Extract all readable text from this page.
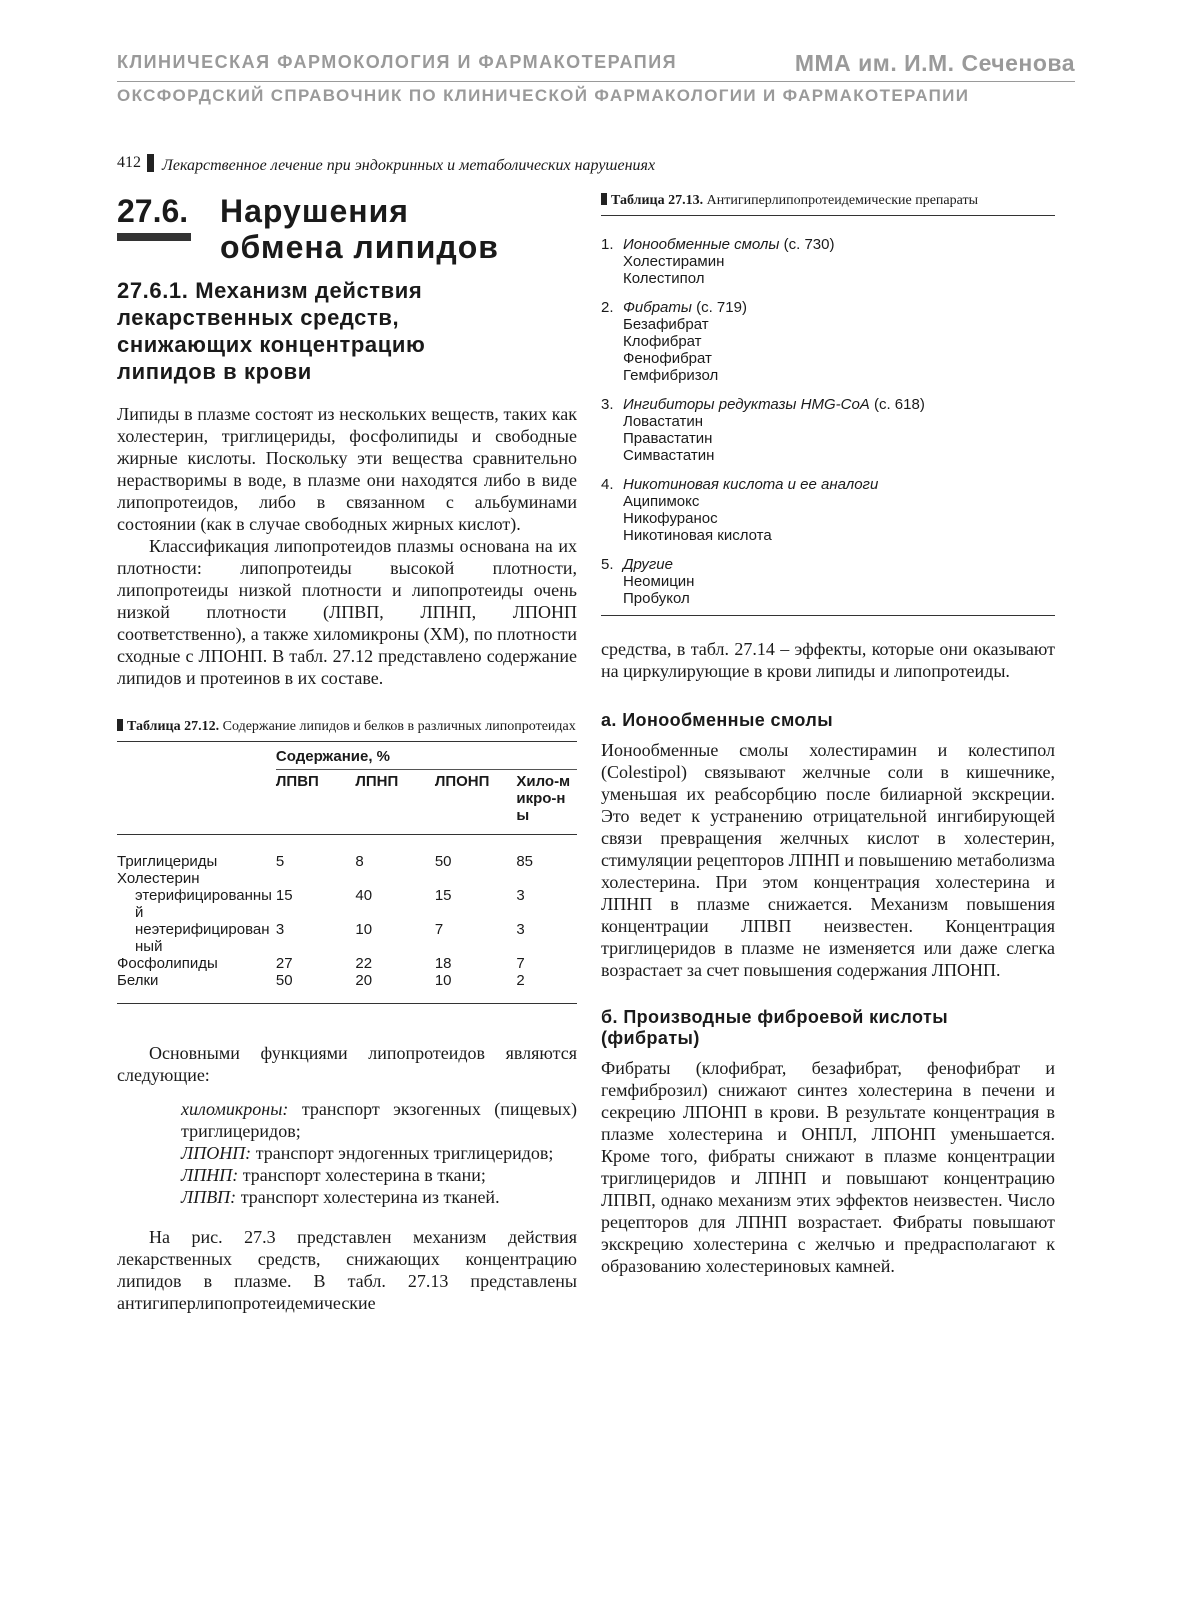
КЛИНИЧЕСКАЯ ФАРМОКОЛОГИЯ И ФАРМАКОТЕРАПИЯ	ММА им. И.М. Сеченова
ОКСФОРДСКИЙ СПРАВОЧНИК ПО КЛИНИЧЕСКОЙ ФАРМАКОЛОГИИ И ФАРМАКОТЕРАПИИ
412 Лекарственное лечение при эндокринных и метаболических нарушениях
27.6. Нарушения
обмена липидов
27.6.1. Механизм действия
лекарственных средств,
снижающих концентрацию
липидов в крови

Липиды в плазме состоят из нескольких веществ, таких как холестерин, триглицериды, фосфолипиды и свободные жирные кислоты. Поскольку эти вещества сравнительно нерастворимы в воде, в плазме они находятся либо в виде липопротеидов, либо в связанном с альбуминами состоянии (как в случае свободных жирных кислот).

Классификация липопротеидов плазмы основана на их плотности: липопротеиды высокой плотности, липопротеиды низкой плотности и липопротеиды очень низкой плотности (ЛПВП, ЛПНП, ЛПОНП соответственно), а также хиломикроны (ХМ), по плотности сходные с ЛПОНП. В табл. 27.12 представлено содержание липидов и протеинов в их составе.

Таблица 27.12. Содержание липидов и белков в различных липопротеидах
	Содержание, %			

	ЛПВП	ЛПНП	ЛПОНП	Хило-микро-ны

Триглицериды	5	8	50	85
Холестерин				
этерифицированный	15	40	15	3
неэтерифицированный	3	10	7	3
Фосфолипиды	27	22	18	7
Белки	50	20	10	2

Основными функциями липопротеидов являются следующие:

хиломикроны: транспорт экзогенных (пищевых) триглицеридов;
ЛПОНП: транспорт эндогенных триглицеридов;
ЛПНП: транспорт холестерина в ткани;
ЛПВП: транспорт холестерина из тканей.

На рис. 27.3 представлен механизм действия лекарственных средств, снижающих концентрацию липидов в плазме. В табл. 27.13 представлены антигиперлипопротеидемические

Таблица 27.13. Антигиперлипопротеидемические препараты
1. Ионообменные смолы (с. 730)
Холестирамин
Колестипол
2. Фибраты (с. 719)
Безафибрат
Клофибрат
Фенофибрат
Гемфибризол
3. Ингибиторы редуктазы HMG-CoA (с. 618)
Ловастатин
Правастатин
Симвастатин
4. Никотиновая кислота и ее аналоги
Аципимокс
Никофуранос
Никотиновая кислота
5. Другие
Неомицин
Пробукол

средства, в табл. 27.14 – эффекты, которые они оказывают на циркулирующие в крови липиды и липопротеиды.

а. Ионообменные смолы

Ионообменные смолы холестирамин и колестипол (Colestipol) связывают желчные соли в кишечнике, уменьшая их реабсорбцию после билиарной экскреции. Это ведет к устранению отрицательной ингибирующей связи превращения желчных кислот в холестерин, стимуляции рецепторов ЛПНП и повышению метаболизма холестерина. При этом концентрация холестерина и ЛПНП в плазме снижается. Механизм повышения концентрации ЛПВП неизвестен. Концентрация триглицеридов в плазме не изменяется или даже слегка возрастает за счет повышения содержания ЛПОНП.

б. Производные фиброевой кислоты
(фибраты)

Фибраты (клофибрат, безафибрат, фенофибрат и гемфиброзил) снижают синтез холестерина в печени и секрецию ЛПОНП в крови. В результате концентрация в плазме холестерина и ОНПЛ, ЛПОНП уменьшается. Кроме того, фибраты снижают в плазме концентрации триглицеридов и ЛПНП и повышают концентрацию ЛПВП, однако механизм этих эффектов неизвестен. Число рецепторов для ЛПНП возрастает. Фибраты повышают экскрецию холестерина с желчью и предрасполагают к образованию холестериновых камней.
